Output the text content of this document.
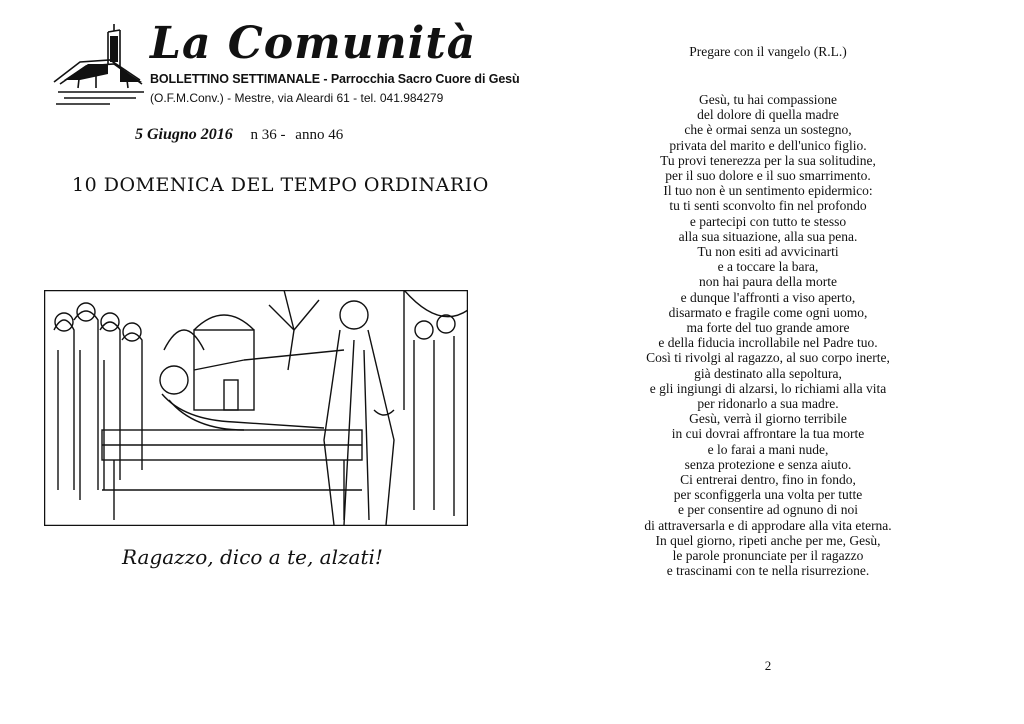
La Comunità
BOLLETTINO SETTIMANALE - Parrocchia Sacro Cuore di Gesù
(O.F.M.Conv.) - Mestre, via Aleardi 61 - tel. 041.984279
5 Giugno 2016 n 36 - anno 46
10 DOMENICA DEL TEMPO ORDINARIO
Ragazzo, dico a te, alzati!
Pregare con il vangelo (R.L.)
Gesù, tu hai compassione
del dolore di quella madre
che è ormai senza un sostegno,
privata del marito e dell'unico figlio.
Tu provi tenerezza per la sua solitudine,
per il suo dolore e il suo smarrimento.
Il tuo non è un sentimento epidermico:
tu ti senti sconvolto fin nel profondo
e partecipi con tutto te stesso
alla sua situazione, alla sua pena.
Tu non esiti ad avvicinarti
e a toccare la bara,
non hai paura della morte
e dunque l'affronti a viso aperto,
disarmato e fragile come ogni uomo,
ma forte del tuo grande amore
e della fiducia incrollabile nel Padre tuo.
Così ti rivolgi al ragazzo, al suo corpo inerte,
già destinato alla sepoltura,
e gli ingiungi di alzarsi, lo richiami alla vita
per ridonarlo a sua madre.
Gesù, verrà il giorno terribile
in cui dovrai affrontare la tua morte
e lo farai a mani nude,
senza protezione e senza aiuto.
Ci entrerai dentro, fino in fondo,
per sconfiggerla una volta per tutte
e per consentire ad ognuno di noi
di attraversarla e di approdare alla vita eterna.
In quel giorno, ripeti anche per me, Gesù,
le parole pronunciate per il ragazzo
e trascinami con te nella risurrezione.
2
